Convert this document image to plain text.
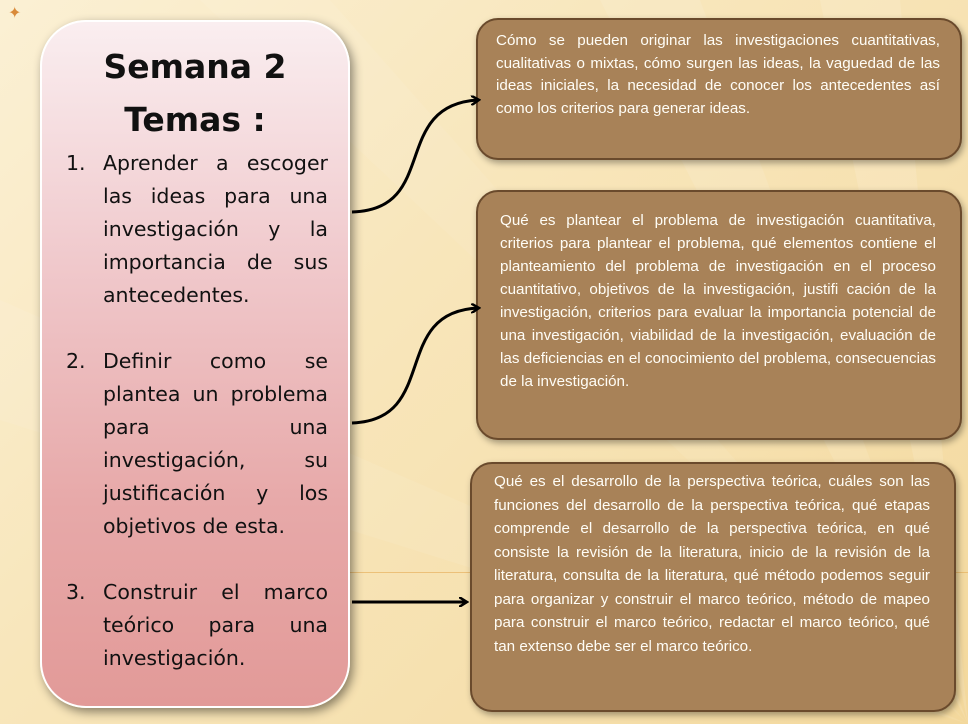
✦
Semana 2
Temas :
1. Aprender a escoger las ideas para una investigación y la importancia de sus antecedentes.
2. Definir como se plantea un problema para una investigación, su justificación y los objetivos de esta.
3. Construir el marco teórico para una investigación.
Cómo se pueden originar las investigaciones cuantitativas, cualitativas o mixtas, cómo surgen las ideas, la vaguedad de las ideas iniciales, la necesidad de conocer los antecedentes así como los criterios para generar ideas.
Qué es plantear el problema de investigación cuantitativa, criterios para plantear el problema, qué elementos contiene el planteamiento del problema de investigación en el proceso cuantitativo, objetivos de la investigación, justifi cación de la investigación, criterios para evaluar la importancia potencial de una investigación, viabilidad de la investigación, evaluación de las deficiencias en el conocimiento del problema, consecuencias de la investigación.
Qué es el desarrollo de la perspectiva teórica, cuáles son las funciones del desarrollo de la perspectiva teórica, qué etapas comprende el desarrollo de la perspectiva teórica, en qué consiste la revisión de la literatura, inicio de la revisión de la literatura, consulta de la literatura, qué método podemos seguir para organizar y construir el marco teórico, método de mapeo para construir el marco teórico, redactar el marco teórico, qué tan extenso debe ser el marco teórico.
